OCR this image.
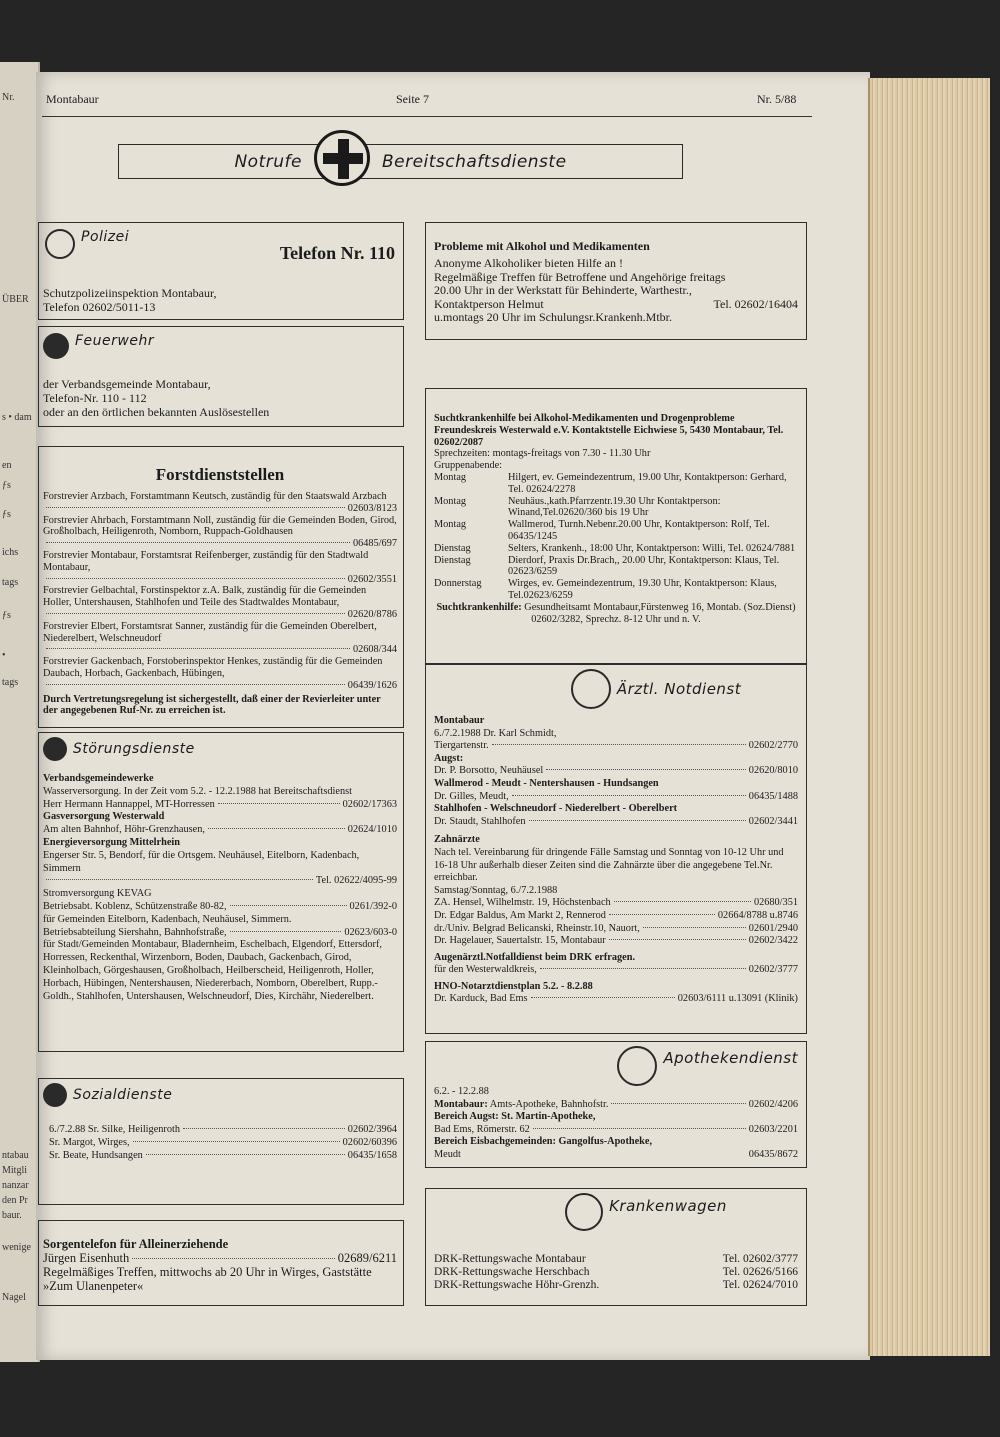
Nr.
ÜBER
s • dam
en
ƒs
ƒs
ichs
tags
ƒs
•
tags
ntabau
Mitgli
nanzar
den Pr
baur.
wenige
Nagel
Montabaur	Seite 7	Nr. 5/88
Notrufe	Bereitschaftsdienste
Polizei
Telefon Nr. 110
Schutzpolizeiinspektion Montabaur,
Telefon 02602/5011-13
Feuerwehr
der Verbandsgemeinde Montabaur,
Telefon-Nr. 110 - 112
oder an den örtlichen bekannten Auslösestellen
Forstdienststellen
Forstrevier Arzbach, Forstamtmann Keutsch, zuständig für den Staatswald Arzbach
02603/8123
Forstrevier Ahrbach, Forstamtmann Noll, zuständig für die Gemeinden Boden, Girod, Großholbach, Heiligenroth, Nomborn, Ruppach-Goldhausen
06485/697
Forstrevier Montabaur, Forstamtsrat Reifenberger, zuständig für den Stadtwald Montabaur,
02602/3551
Forstrevier Gelbachtal, Forstinspektor z.A. Balk, zuständig für die Gemeinden Holler, Untershausen, Stahlhofen und Teile des Stadtwaldes Montabaur,
02620/8786
Forstrevier Elbert, Forstamtsrat Sanner, zuständig für die Gemeinden Oberelbert, Niederelbert, Welschneudorf
02608/344
Forstrevier Gackenbach, Forstoberinspektor Henkes, zuständig für die Gemeinden Daubach, Horbach, Gackenbach, Hübingen,
06439/1626
Durch Vertretungsregelung ist sichergestellt, daß einer der Revierleiter unter der angegebenen Ruf-Nr. zu erreichen ist.
Störungsdienste
Verbandsgemeindewerke
Wasserversorgung. In der Zeit vom 5.2. - 12.2.1988 hat Bereitschaftsdienst
Herr Hermann Hannappel, MT-Horressen	02602/17363
Gasversorgung Westerwald
Am alten Bahnhof, Höhr-Grenzhausen,	02624/1010
Energieversorgung Mittelrhein
Engerser Str. 5, Bendorf, für die Ortsgem. Neuhäusel, Eitelborn, Kadenbach, Simmern
Tel. 02622/4095-99
Stromversorgung KEVAG
Betriebsabt. Koblenz, Schützenstraße 80-82,	0261/392-0
für Gemeinden Eitelborn, Kadenbach, Neuhäusel, Simmern.
Betriebsabteilung Siershahn, Bahnhofstraße,	02623/603-0
für Stadt/Gemeinden Montabaur, Bladernheim, Eschelbach, Elgendorf, Ettersdorf, Horressen, Reckenthal, Wirzenborn, Boden, Daubach, Gackenbach, Girod, Kleinholbach, Görgeshausen, Großholbach, Heilberscheid, Heiligenroth, Holler, Horbach, Hübingen, Nentershausen, Niedererbach, Nomborn, Oberelbert, Rupp.-Goldh., Stahlhofen, Untershausen, Welschneudorf, Dies, Kirchähr, Niederelbert.
Sozialdienste
6./7.2.88 Sr. Silke, Heiligenroth	02602/3964
Sr. Margot, Wirges,	02602/60396
Sr. Beate, Hundsangen	06435/1658
Sorgentelefon für Alleinerziehende
Jürgen Eisenhuth	02689/6211
Regelmäßiges Treffen, mittwochs ab 20 Uhr in Wirges, Gaststätte »Zum Ulanenpeter«
Probleme mit Alkohol und Medikamenten
Anonyme Alkoholiker bieten Hilfe an !
Regelmäßige Treffen für Betroffene und Angehörige freitags
20.00 Uhr in der Werkstatt für Behinderte, Warthestr.,
Kontaktperson Helmut	Tel. 02602/16404
u.montags 20 Uhr im Schulungsr.Krankenh.Mtbr.
Suchtkrankenhilfe bei Alkohol-Medikamenten und Drogenprobleme Freundeskreis Westerwald e.V. Kontaktstelle Eichwiese 5, 5430 Montabaur, Tel. 02602/2087
Sprechzeiten: montags-freitags von 7.30 - 11.30 Uhr
Gruppenabende:
Montag	Hilgert, ev. Gemeindezentrum, 19.00 Uhr, Kontaktperson: Gerhard, Tel. 02624/2278
Montag	Neuhäus.,kath.Pfarrzentr.19.30 Uhr Kontaktperson: Winand,Tel.02620/360 bis 19 Uhr
Montag	Wallmerod, Turnh.Nebenr.20.00 Uhr, Kontaktperson: Rolf, Tel. 06435/1245
Dienstag	Selters, Krankenh., 18:00 Uhr, Kontaktperson: Willi, Tel. 02624/7881
Dienstag	Dierdorf, Praxis Dr.Brach,, 20.00 Uhr, Kontaktperson: Klaus, Tel. 02623/6259
Donnerstag	Wirges, ev. Gemeindezentrum, 19.30 Uhr, Kontaktperson: Klaus, Tel.02623/6259
Suchtkrankenhilfe: Gesundheitsamt Montabaur,Fürstenweg 16, Montab. (Soz.Dienst) 02602/3282, Sprechz. 8-12 Uhr und n. V.
Ärztl. Notdienst
Montabaur
6./7.2.1988 Dr. Karl Schmidt,
Tiergartenstr.	02602/2770
Augst:
Dr. P. Borsotto, Neuhäusel	02620/8010
Wallmerod - Meudt - Nentershausen - Hundsangen
Dr. Gilles, Meudt,	06435/1488
Stahlhofen - Welschneudorf - Niederelbert - Oberelbert
Dr. Staudt, Stahlhofen	02602/3441
Zahnärzte
Nach tel. Vereinbarung für dringende Fälle Samstag und Sonntag von 10-12 Uhr und 16-18 Uhr außerhalb dieser Zeiten sind die Zahnärzte über die angegebene Tel.Nr. erreichbar.
Samstag/Sonntag, 6./7.2.1988
ZA. Hensel, Wilhelmstr. 19, Höchstenbach	02680/351
Dr. Edgar Baldus, Am Markt 2, Rennerod	02664/8788 u.8746
dr./Univ. Belgrad Belicanski, Rheinstr.10, Nauort,	02601/2940
Dr. Hagelauer, Sauertalstr. 15, Montabaur	02602/3422
Augenärztl.Notfalldienst beim DRK erfragen.
für den Westerwaldkreis,	02602/3777
HNO-Notarztdienstplan 5.2. - 8.2.88
Dr. Karduck, Bad Ems	02603/6111 u.13091 (Klinik)
Apothekendienst
6.2. - 12.2.88
Montabaur: Amts-Apotheke, Bahnhofstr.	02602/4206
Bereich Augst: St. Martin-Apotheke,
Bad Ems, Römerstr. 62	02603/2201
Bereich Eisbachgemeinden: Gangolfus-Apotheke,
Meudt	06435/8672
Krankenwagen
DRK-Rettungswache Montabaur	Tel. 02602/3777
DRK-Rettungswache Herschbach	Tel. 02626/5166
DRK-Rettungswache Höhr-Grenzh.	Tel. 02624/7010
